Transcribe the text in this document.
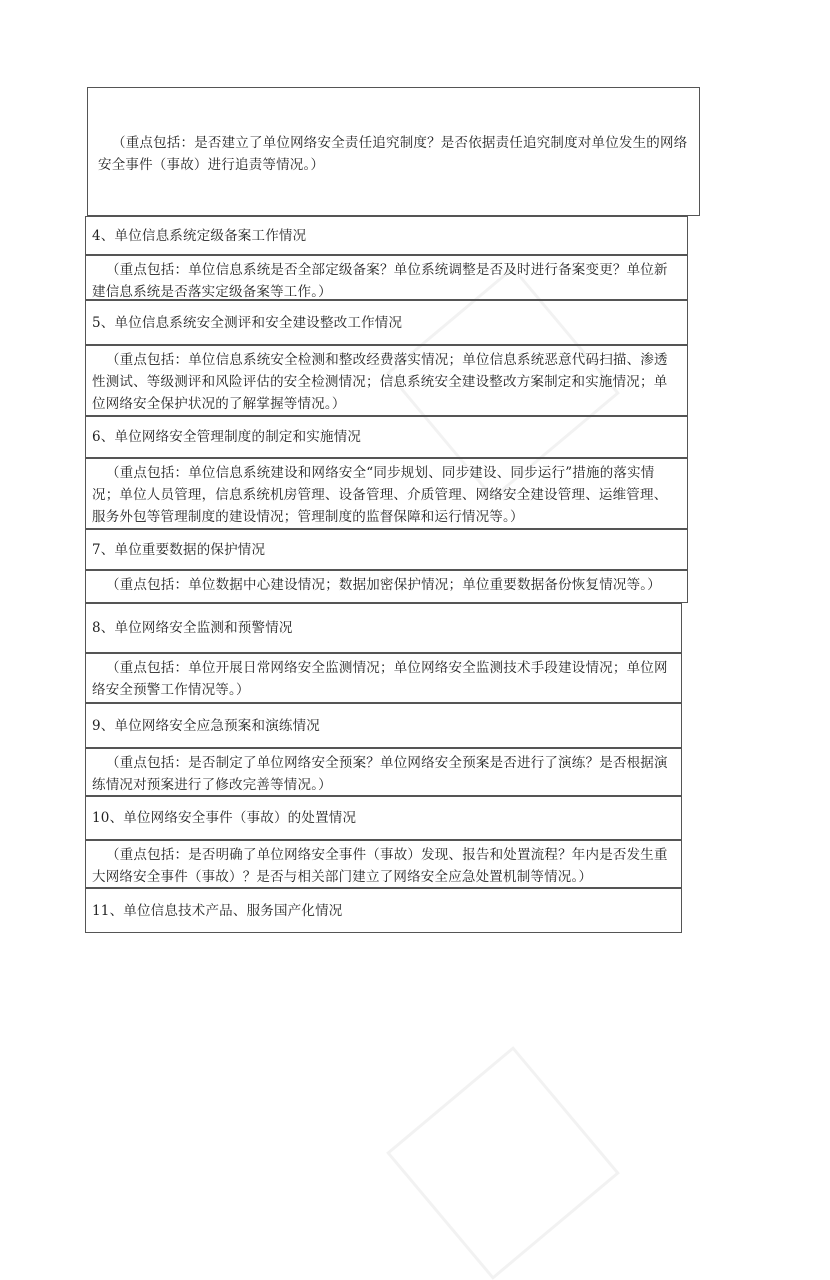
（重点包括：是否建立了单位网络安全责任追究制度？是否依据责任追究制度对单位发生的网络安全事件（事故）进行追责等情况。）
4、单位信息系统定级备案工作情况
（重点包括：单位信息系统是否全部定级备案？单位系统调整是否及时进行备案变更？单位新建信息系统是否落实定级备案等工作。）
5、单位信息系统安全测评和安全建设整改工作情况
（重点包括：单位信息系统安全检测和整改经费落实情况；单位信息系统恶意代码扫描、渗透性测试、等级测评和风险评估的安全检测情况；信息系统安全建设整改方案制定和实施情况；单位网络安全保护状况的了解掌握等情况。）
6、单位网络安全管理制度的制定和实施情况
（重点包括：单位信息系统建设和网络安全“同步规划、同步建设、同步运行”措施的落实情况；单位人员管理，信息系统机房管理、设备管理、介质管理、网络安全建设管理、运维管理、服务外包等管理制度的建设情况；管理制度的监督保障和运行情况等。）
7、单位重要数据的保护情况
（重点包括：单位数据中心建设情况；数据加密保护情况；单位重要数据备份恢复情况等。）
8、单位网络安全监测和预警情况
（重点包括：单位开展日常网络安全监测情况；单位网络安全监测技术手段建设情况；单位网络安全预警工作情况等。）
9、单位网络安全应急预案和演练情况
（重点包括：是否制定了单位网络安全预案？单位网络安全预案是否进行了演练？是否根据演练情况对预案进行了修改完善等情况。）
10、单位网络安全事件（事故）的处置情况
（重点包括：是否明确了单位网络安全事件（事故）发现、报告和处置流程？年内是否发生重大网络安全事件（事故）？是否与相关部门建立了网络安全应急处置机制等情况。）
11、单位信息技术产品、服务国产化情况
